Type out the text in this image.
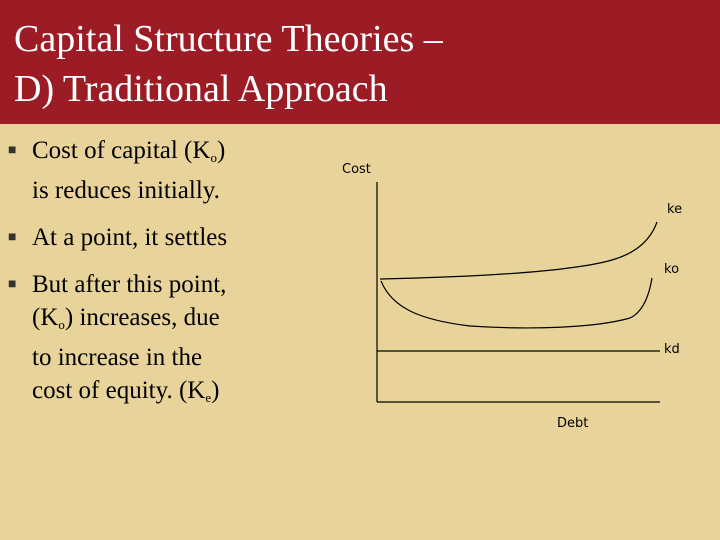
Capital Structure Theories –
D) Traditional Approach
■ Cost of capital $(K_o)$
is reduces initially.
■ At a point, it settles
■ But after this point,
$(K_o)$ increases, due
to increase in the
cost of equity. $(K_e)$
Cost
Debt
ke
ko
kd
